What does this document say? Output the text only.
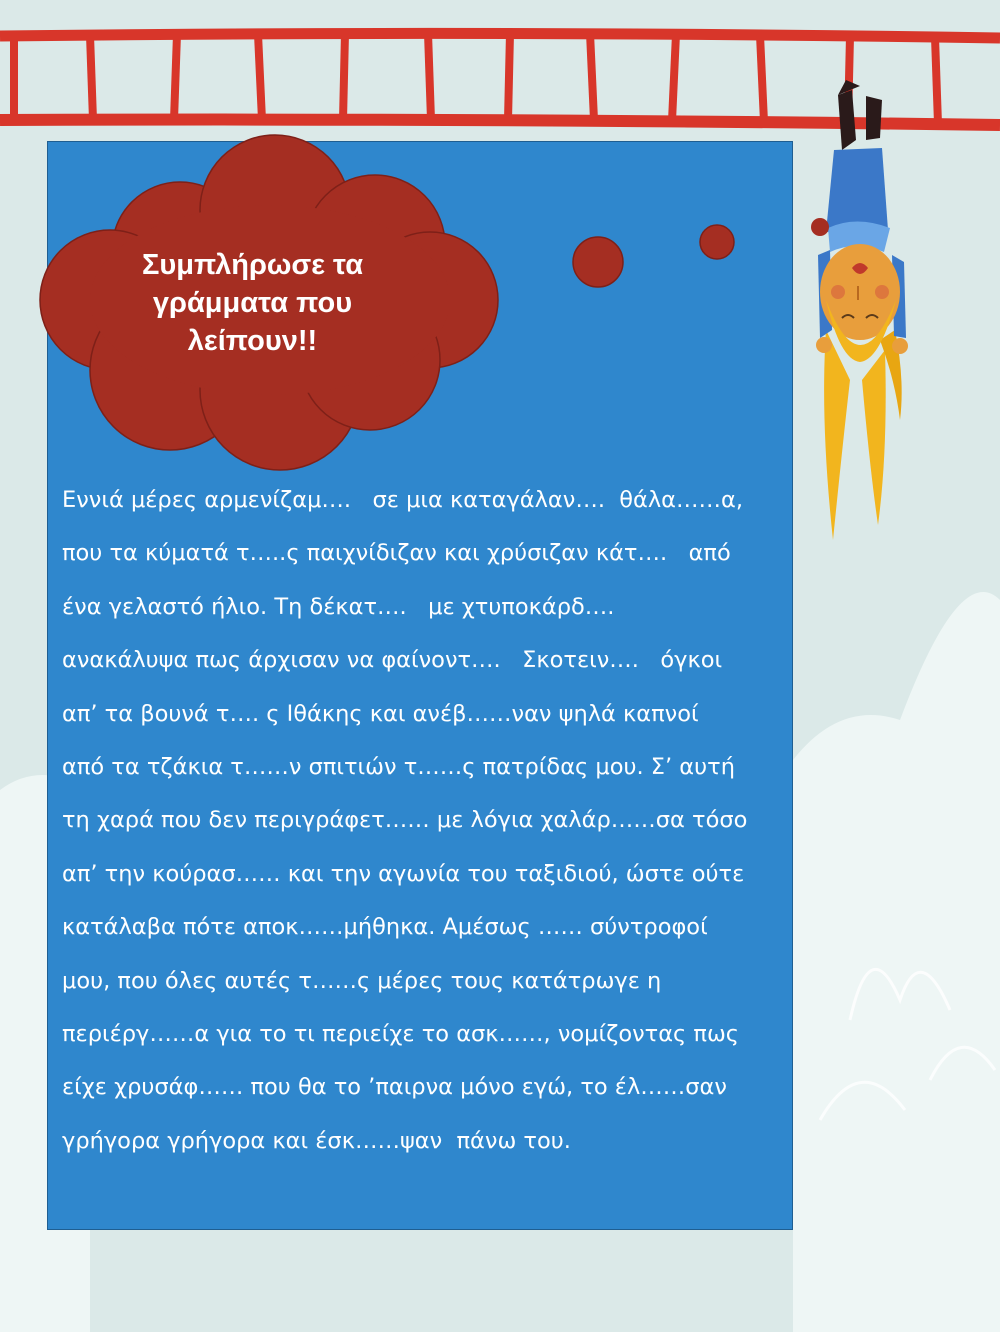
Συμπλήρωσε τα
γράμματα που
λείπουν!!
Εννιά μέρες αρμενίζαμ….   σε μια καταγάλαν….  θάλα……α,
που τα κύματά τ…..ς παιχνίδιζαν και χρύσιζαν κάτ….   από
ένα γελαστό ήλιο. Τη δέκατ….   με χτυποκάρδ….
ανακάλυψα πως άρχισαν να φαίνοντ….   Σκοτειν….   όγκοι
απ’ τα βουνά τ…. ς Ιθάκης και ανέβ……ναν ψηλά καπνοί
από τα τζάκια τ……ν σπιτιών τ……ς πατρίδας μου. Σ’ αυτή
τη χαρά που δεν περιγράφετ…… με λόγια χαλάρ……σα τόσο
απ’ την κούρασ…… και την αγωνία του ταξιδιού, ώστε ούτε
κατάλαβα πότε αποκ……μήθηκα. Αμέσως …… σύντροφοί
μου, που όλες αυτές τ……ς μέρες τους κατάτρωγε η
περιέργ……α για το τι περιείχε το ασκ……, νομίζοντας πως
είχε χρυσάφ…… που θα το ’παιρνα μόνο εγώ, το έλ……σαν
γρήγορα γρήγορα και έσκ……ψαν  πάνω του.
